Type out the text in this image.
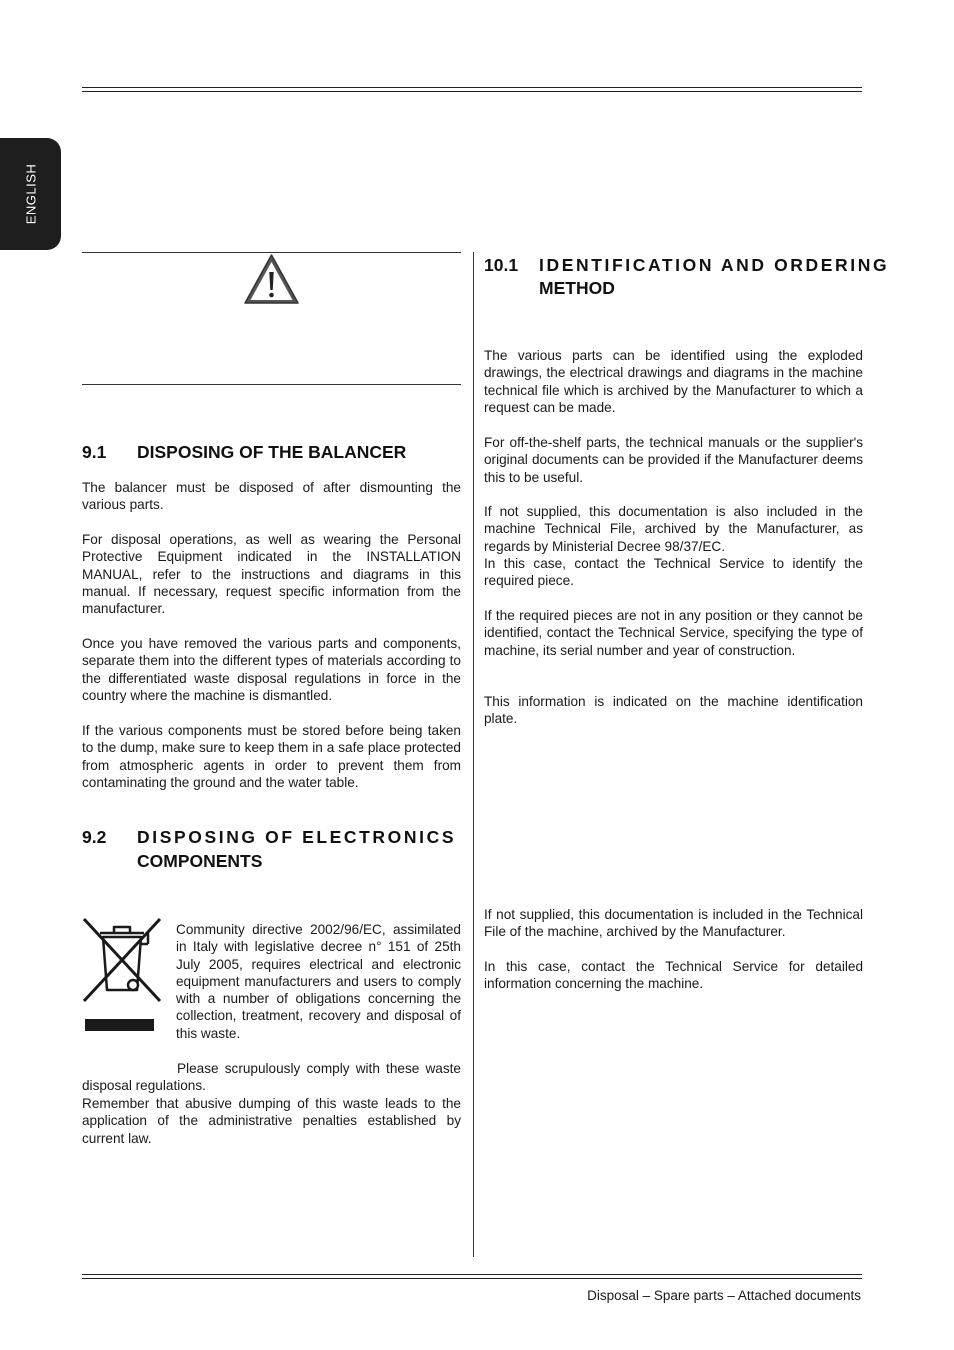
ENGLISH
9.1 DISPOSING OF THE BALANCER

The balancer must be disposed of after dismounting the various parts.

For disposal operations, as well as wearing the Personal Protective Equipment indicated in the INSTALLATION MANUAL, refer to the instructions and diagrams in this manual. If necessary, request specific information from the manufacturer.

Once you have removed the various parts and components, separate them into the different types of materials according to the differentiated waste disposal regulations in force in the country where the machine is dismantled.

If the various components must be stored before being taken to the dump, make sure to keep them in a safe place protected from atmospheric agents in order to prevent them from contaminating the ground and the water table.

9.2 DISPOSING OF ELECTRONICS
COMPONENTS

Community directive 2002/96/EC, assimilated in Italy with legislative decree n° 151 of 25th July 2005, requires electrical and electronic equipment manufacturers and users to comply with a number of obligations concerning the collection, treatment, recovery and disposal of this waste.

Please scrupulously comply with these waste disposal regulations.

Remember that abusive dumping of this waste leads to the application of the administrative penalties established by current law.

10.1 IDENTIFICATION AND ORDERING
METHOD

The various parts can be identified using the exploded drawings, the electrical drawings and diagrams in the machine technical file which is archived by the Manufacturer to which a request can be made.

For off-the-shelf parts, the technical manuals or the supplier's original documents can be provided if the Manufacturer deems this to be useful.

If not supplied, this documentation is also included in the machine Technical File, archived by the Manufacturer, as regards by Ministerial Decree 98/37/EC.

In this case, contact the Technical Service to identify the required piece.

If the required pieces are not in any position or they cannot be identified, contact the Technical Service, specifying the type of machine, its serial number and year of construction.

This information is indicated on the machine identification plate.

If not supplied, this documentation is included in the Technical File of the machine, archived by the Manufacturer.

In this case, contact the Technical Service for detailed information concerning the machine.

Disposal – Spare parts – Attached documents
